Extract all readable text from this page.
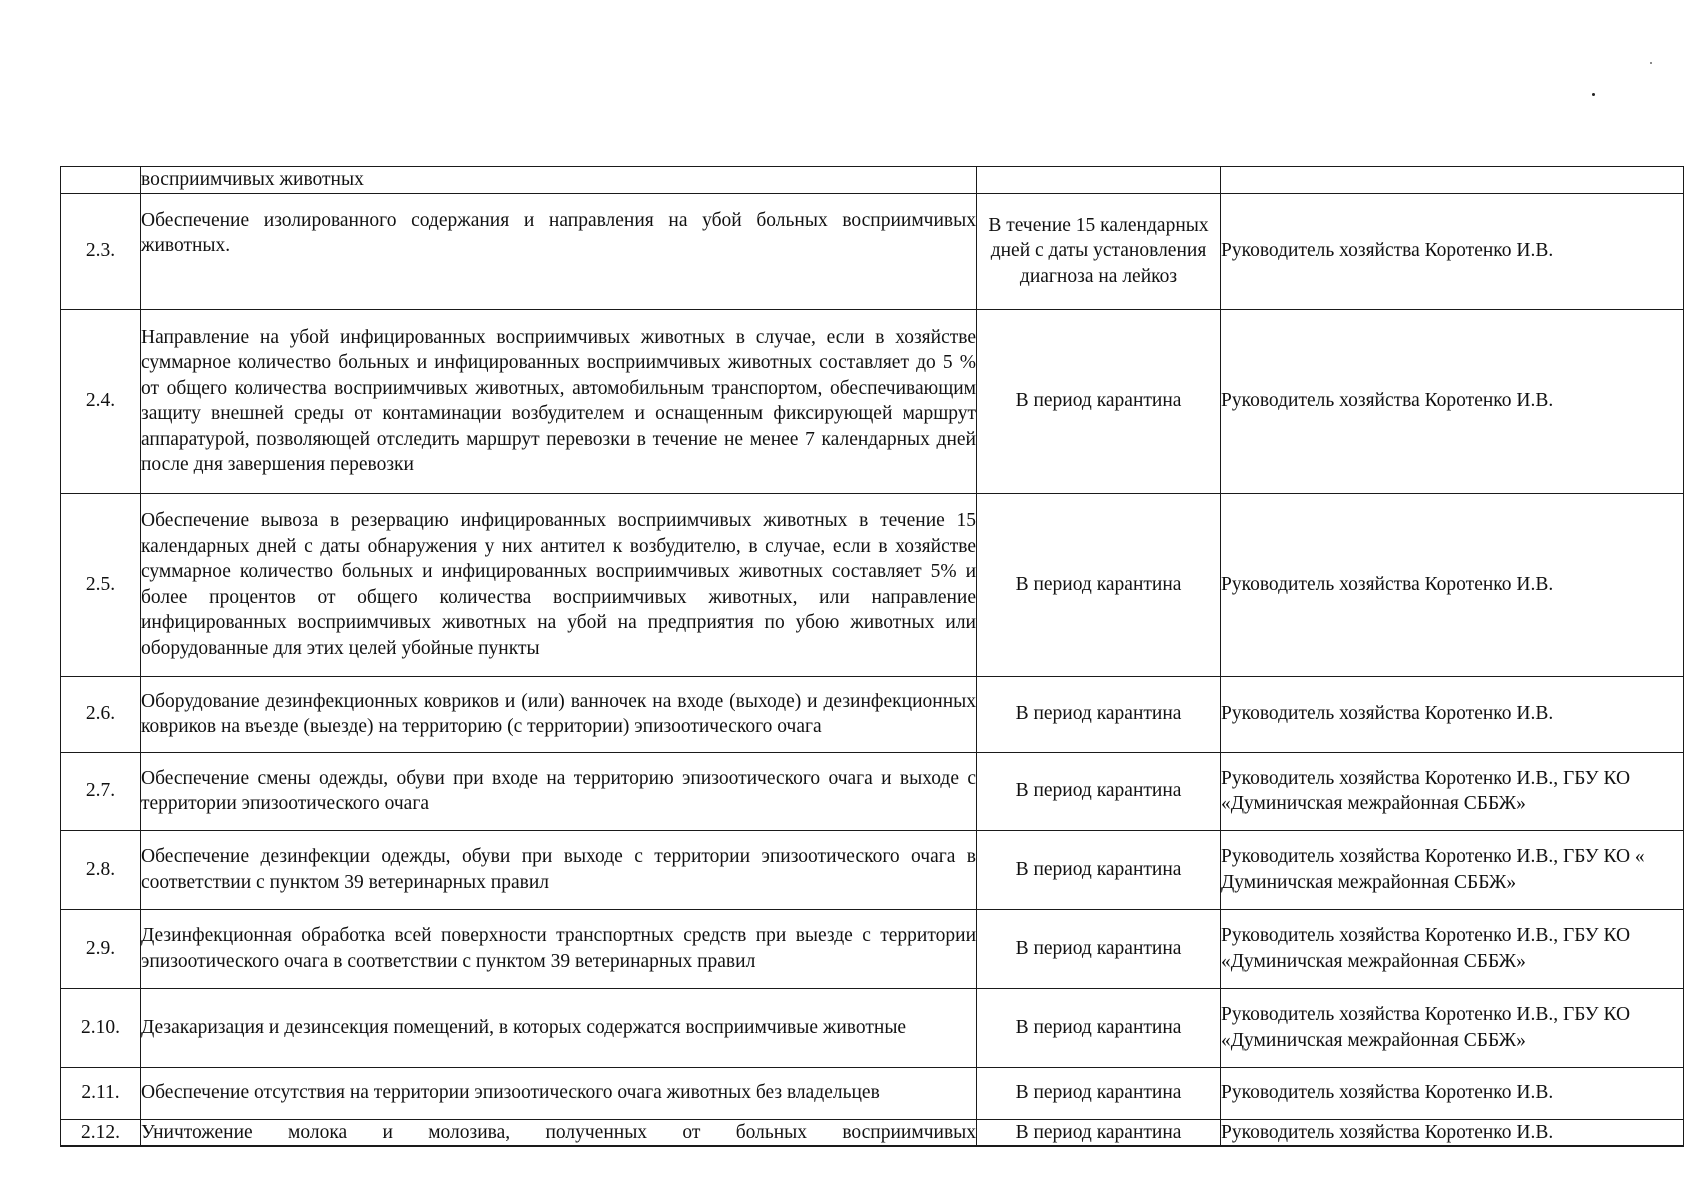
	восприимчивых животных		
2.3.	Обеспечение изолированного содержания и направления на убой больных восприимчивых животных.	В течение 15 календарных дней с даты установления диагноза на лейкоз	Руководитель хозяйства Коротенко И.В.
2.4.	Направление на убой инфицированных восприимчивых животных в случае, если в хозяйстве суммарное количество больных и инфицированных восприимчивых животных составляет до 5 % от общего количества восприимчивых животных, автомобильным транспортом, обеспечивающим защиту внешней среды от контаминации возбудителем и оснащенным фиксирующей маршрут аппаратурой, позволяющей отследить маршрут перевозки в течение не менее 7 календарных дней после дня завершения перевозки	В период карантина	Руководитель хозяйства Коротенко И.В.
2.5.	Обеспечение вывоза в резервацию инфицированных восприимчивых животных в течение 15 календарных дней с даты обнаружения у них антител к возбудителю, в случае, если в хозяйстве суммарное количество больных и инфицированных восприимчивых животных составляет 5% и более процентов от общего количества восприимчивых животных, или направление инфицированных восприимчивых животных на убой на предприятия по убою животных или оборудованные для этих целей убойные пункты	В период карантина	Руководитель хозяйства Коротенко И.В.
2.6.	Оборудование дезинфекционных ковриков и (или) ванночек на входе (выходе) и дезинфекционных ковриков на въезде (выезде) на территорию (с территории) эпизоотического очага	В период карантина	Руководитель хозяйства Коротенко И.В.
2.7.	Обеспечение смены одежды, обуви при входе на территорию эпизоотического очага и выходе с территории эпизоотического очага	В период карантина	Руководитель хозяйства Коротенко И.В., ГБУ КО «Думиничская межрайонная СББЖ»
2.8.	Обеспечение дезинфекции одежды, обуви при выходе с территории эпизоотического очага в соответствии с пунктом 39 ветеринарных правил	В период карантина	Руководитель хозяйства Коротенко И.В., ГБУ КО « Думиничская межрайонная СББЖ»
2.9.	Дезинфекционная обработка всей поверхности транспортных средств при выезде с территории эпизоотического очага в соответствии с пунктом 39 ветеринарных правил	В период карантина	Руководитель хозяйства Коротенко И.В., ГБУ КО «Думиничская межрайонная СББЖ»
2.10.	Дезакаризация и дезинсекция помещений, в которых содержатся восприимчивые животные	В период карантина	Руководитель хозяйства Коротенко И.В., ГБУ КО «Думиничская межрайонная СББЖ»
2.11.	Обеспечение отсутствия на территории эпизоотического очага животных без владельцев	В период карантина	Руководитель хозяйства Коротенко И.В.
2.12.	Уничтожение молока и молозива, полученных от больных восприимчивых	В период карантина	Руководитель хозяйства Коротенко И.В.
